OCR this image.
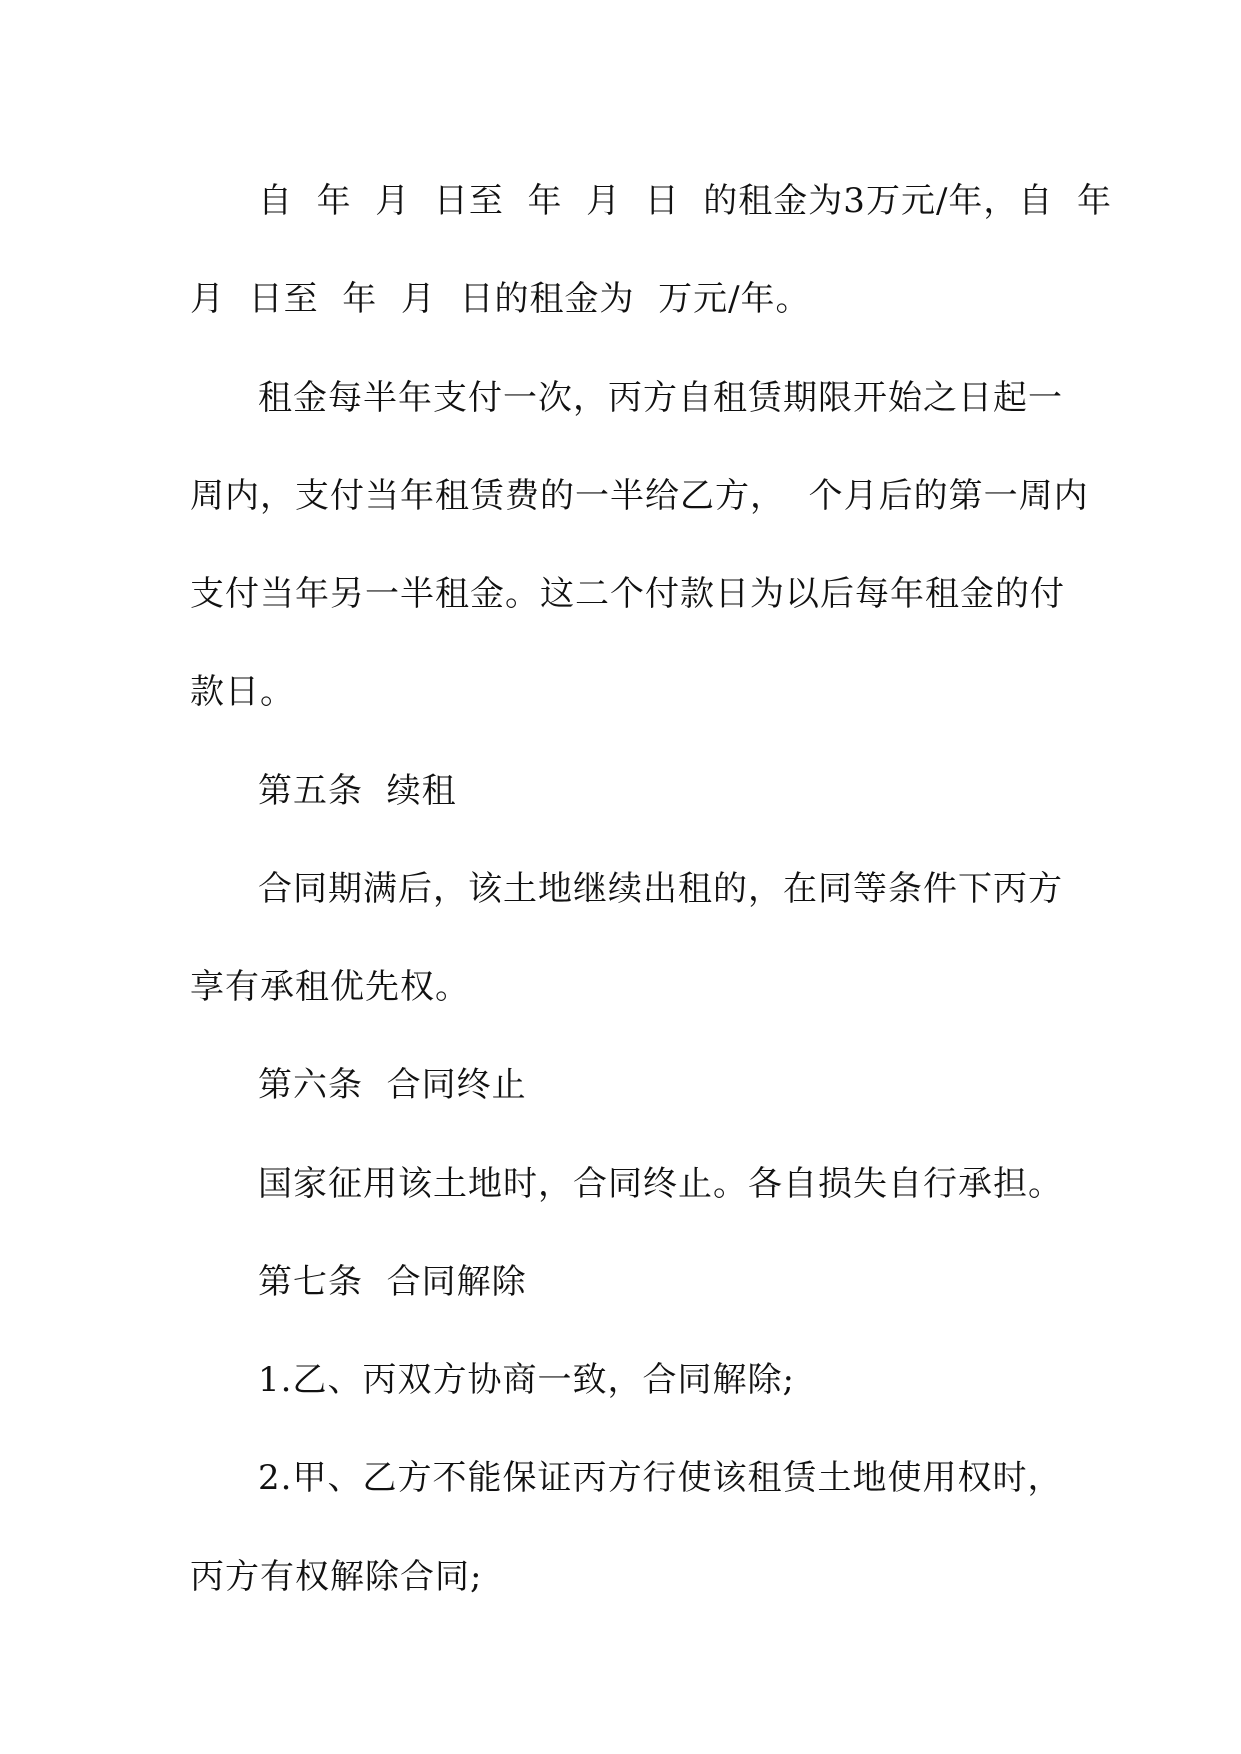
自  年  月  日至  年  月  日  的租金为3万元/年，自  年
月  日至  年  月  日的租金为  万元/年。
租金每半年支付一次，丙方自租赁期限开始之日起一
周内，支付当年租赁费的一半给乙方，  个月后的第一周内
支付当年另一半租金。这二个付款日为以后每年租金的付
款日。
第五条  续租
合同期满后，该土地继续出租的，在同等条件下丙方
享有承租优先权。
第六条  合同终止
国家征用该土地时，合同终止。各自损失自行承担。
第七条  合同解除
1.乙、丙双方协商一致，合同解除;
2.甲、乙方不能保证丙方行使该租赁土地使用权时，
丙方有权解除合同;
